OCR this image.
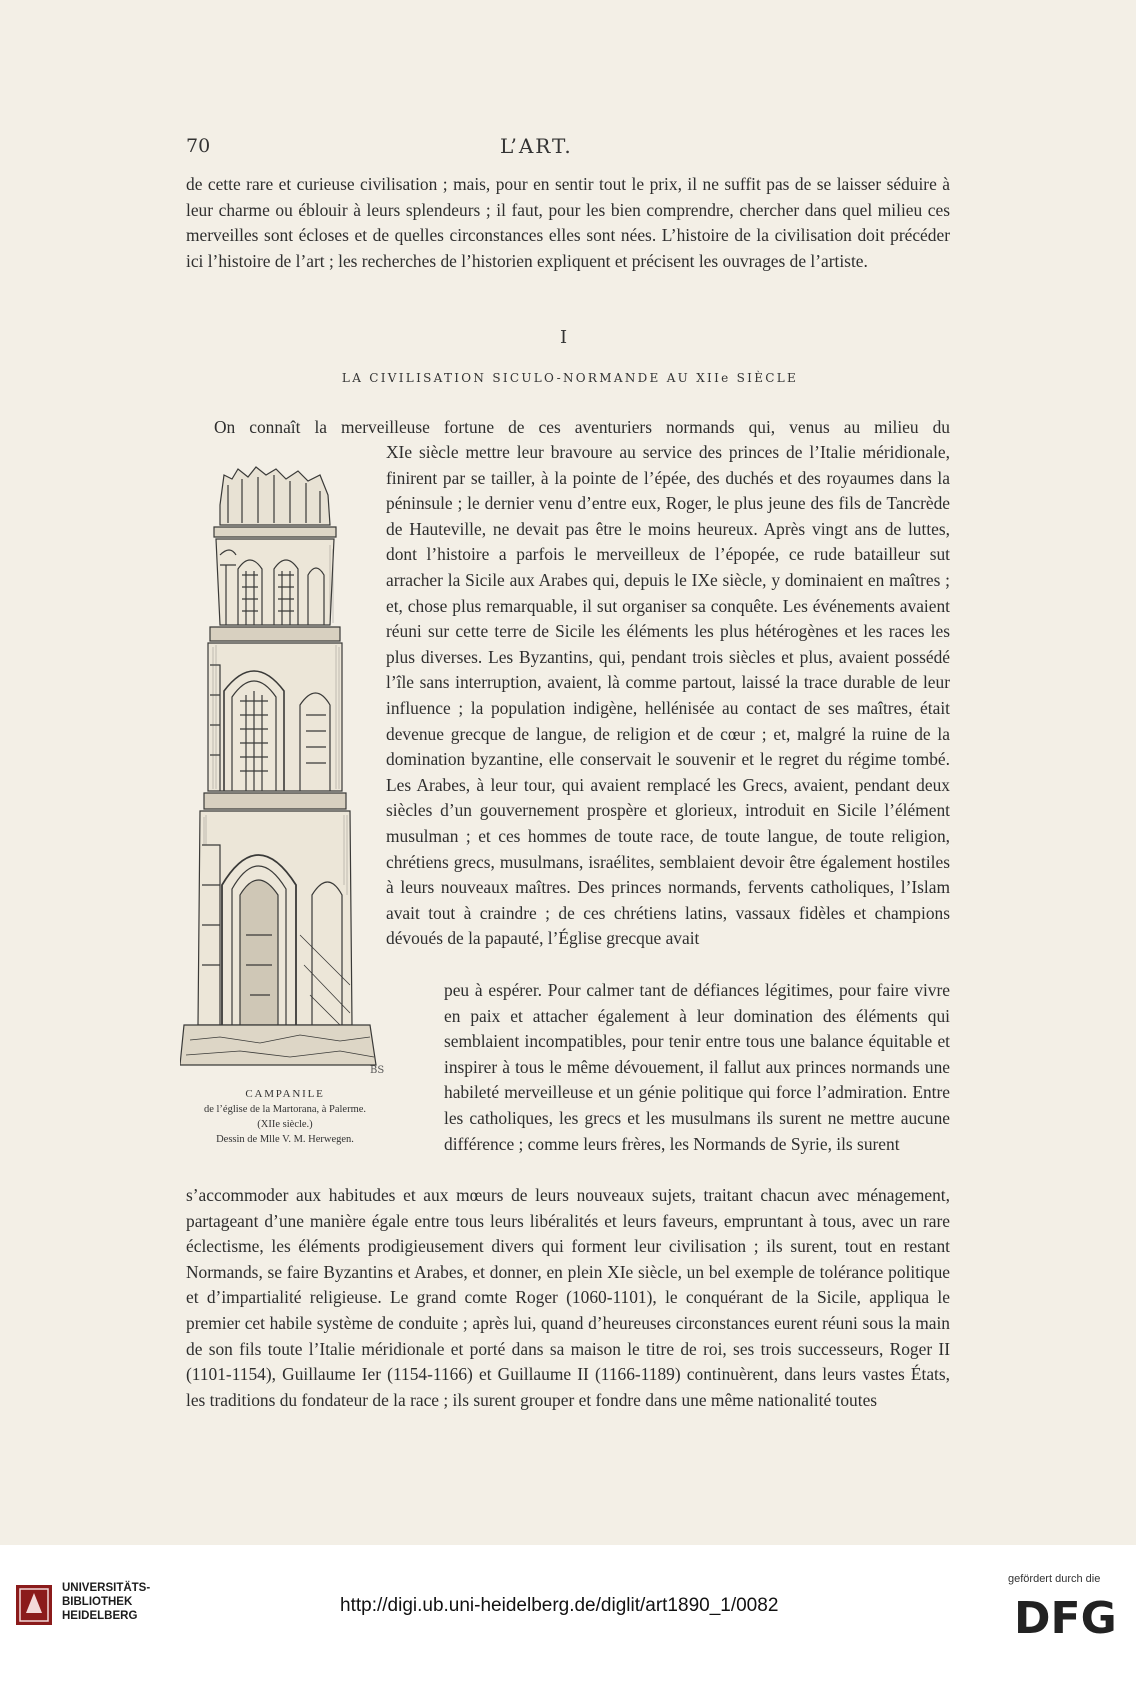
70	L’ART.

de cette rare et curieuse civilisation ; mais, pour en sentir tout le prix, il ne suffit pas de se laisser séduire à leur charme ou éblouir à leurs splendeurs ; il faut, pour les bien comprendre, chercher dans quel milieu ces merveilles sont écloses et de quelles circonstances elles sont nées. L’histoire de la civilisation doit précéder ici l’histoire de l’art ; les recherches de l’historien expliquent et précisent les ouvrages de l’artiste.

I
LA CIVILISATION SICULO-NORMANDE AU XIIe SIÈCLE

On connaît la merveilleuse fortune de ces aventuriers normands qui, venus au milieu du

XIe siècle mettre leur bravoure au service des princes de l’Italie méridionale, finirent par se tailler, à la pointe de l’épée, des duchés et des royaumes dans la péninsule ; le dernier venu d’entre eux, Roger, le plus jeune des fils de Tancrède de Hauteville, ne devait pas être le moins heureux. Après vingt ans de luttes, dont l’histoire a parfois le merveilleux de l’épopée, ce rude batailleur sut arracher la Sicile aux Arabes qui, depuis le IXe siècle, y dominaient en maîtres ; et, chose plus remarquable, il sut organiser sa conquête. Les événements avaient réuni sur cette terre de Sicile les éléments les plus hétérogènes et les races les plus diverses. Les Byzantins, qui, pendant trois siècles et plus, avaient possédé l’île sans interruption, avaient, là comme partout, laissé la trace durable de leur influence ; la population indigène, hellénisée au contact de ses maîtres, était devenue grecque de langue, de religion et de cœur ; et, malgré la ruine de la domination byzantine, elle conservait le souvenir et le regret du régime tombé. Les Arabes, à leur tour, qui avaient remplacé les Grecs, avaient, pendant deux siècles d’un gouvernement prospère et glorieux, introduit en Sicile l’élément musulman ; et ces hommes de toute race, de toute langue, de toute religion, chrétiens grecs, musulmans, israélites, semblaient devoir être également hostiles à leurs nouveaux maîtres. Des princes normands, fervents catholiques, l’Islam avait tout à craindre ; de ces chrétiens latins, vassaux fidèles et champions dévoués de la papauté, l’Église grecque avait

peu à espérer. Pour calmer tant de défiances légitimes, pour faire vivre en paix et attacher également à leur domination des éléments qui semblaient incompatibles, pour tenir entre tous une balance équitable et inspirer à tous le même dévouement, il fallut aux princes normands une habileté merveilleuse et un génie politique qui force l’admiration. Entre les catholiques, les grecs et les musulmans ils surent ne mettre aucune différence ; comme leurs frères, les Normands de Syrie, ils surent

s’accommoder aux habitudes et aux mœurs de leurs nouveaux sujets, traitant chacun avec ménagement, partageant d’une manière égale entre tous leurs libéralités et leurs faveurs, empruntant à tous, avec un rare éclectisme, les éléments prodigieusement divers qui forment leur civilisation ; ils surent, tout en restant Normands, se faire Byzantins et Arabes, et donner, en plein XIe siècle, un bel exemple de tolérance politique et d’impartialité religieuse. Le grand comte Roger (1060-1101), le conquérant de la Sicile, appliqua le premier cet habile système de conduite ; après lui, quand d’heureuses circonstances eurent réuni sous la main de son fils toute l’Italie méridionale et porté dans sa maison le titre de roi, ses trois successeurs, Roger II (1101-1154), Guillaume Ier (1154-1166) et Guillaume II (1166-1189) continuèrent, dans leurs vastes États, les traditions du fondateur de la race ; ils surent grouper et fondre dans une même nationalité toutes

BS
CAMPANILE
de l’église de la Martorana, à Palerme.
(XIIe siècle.)
Dessin de Mlle V. M. Herwegen.
UNIVERSITÄTS-
BIBLIOTHEK
HEIDELBERG	http://digi.ub.uni-heidelberg.de/diglit/art1890_1/0082
gefördert durch die
DFG
